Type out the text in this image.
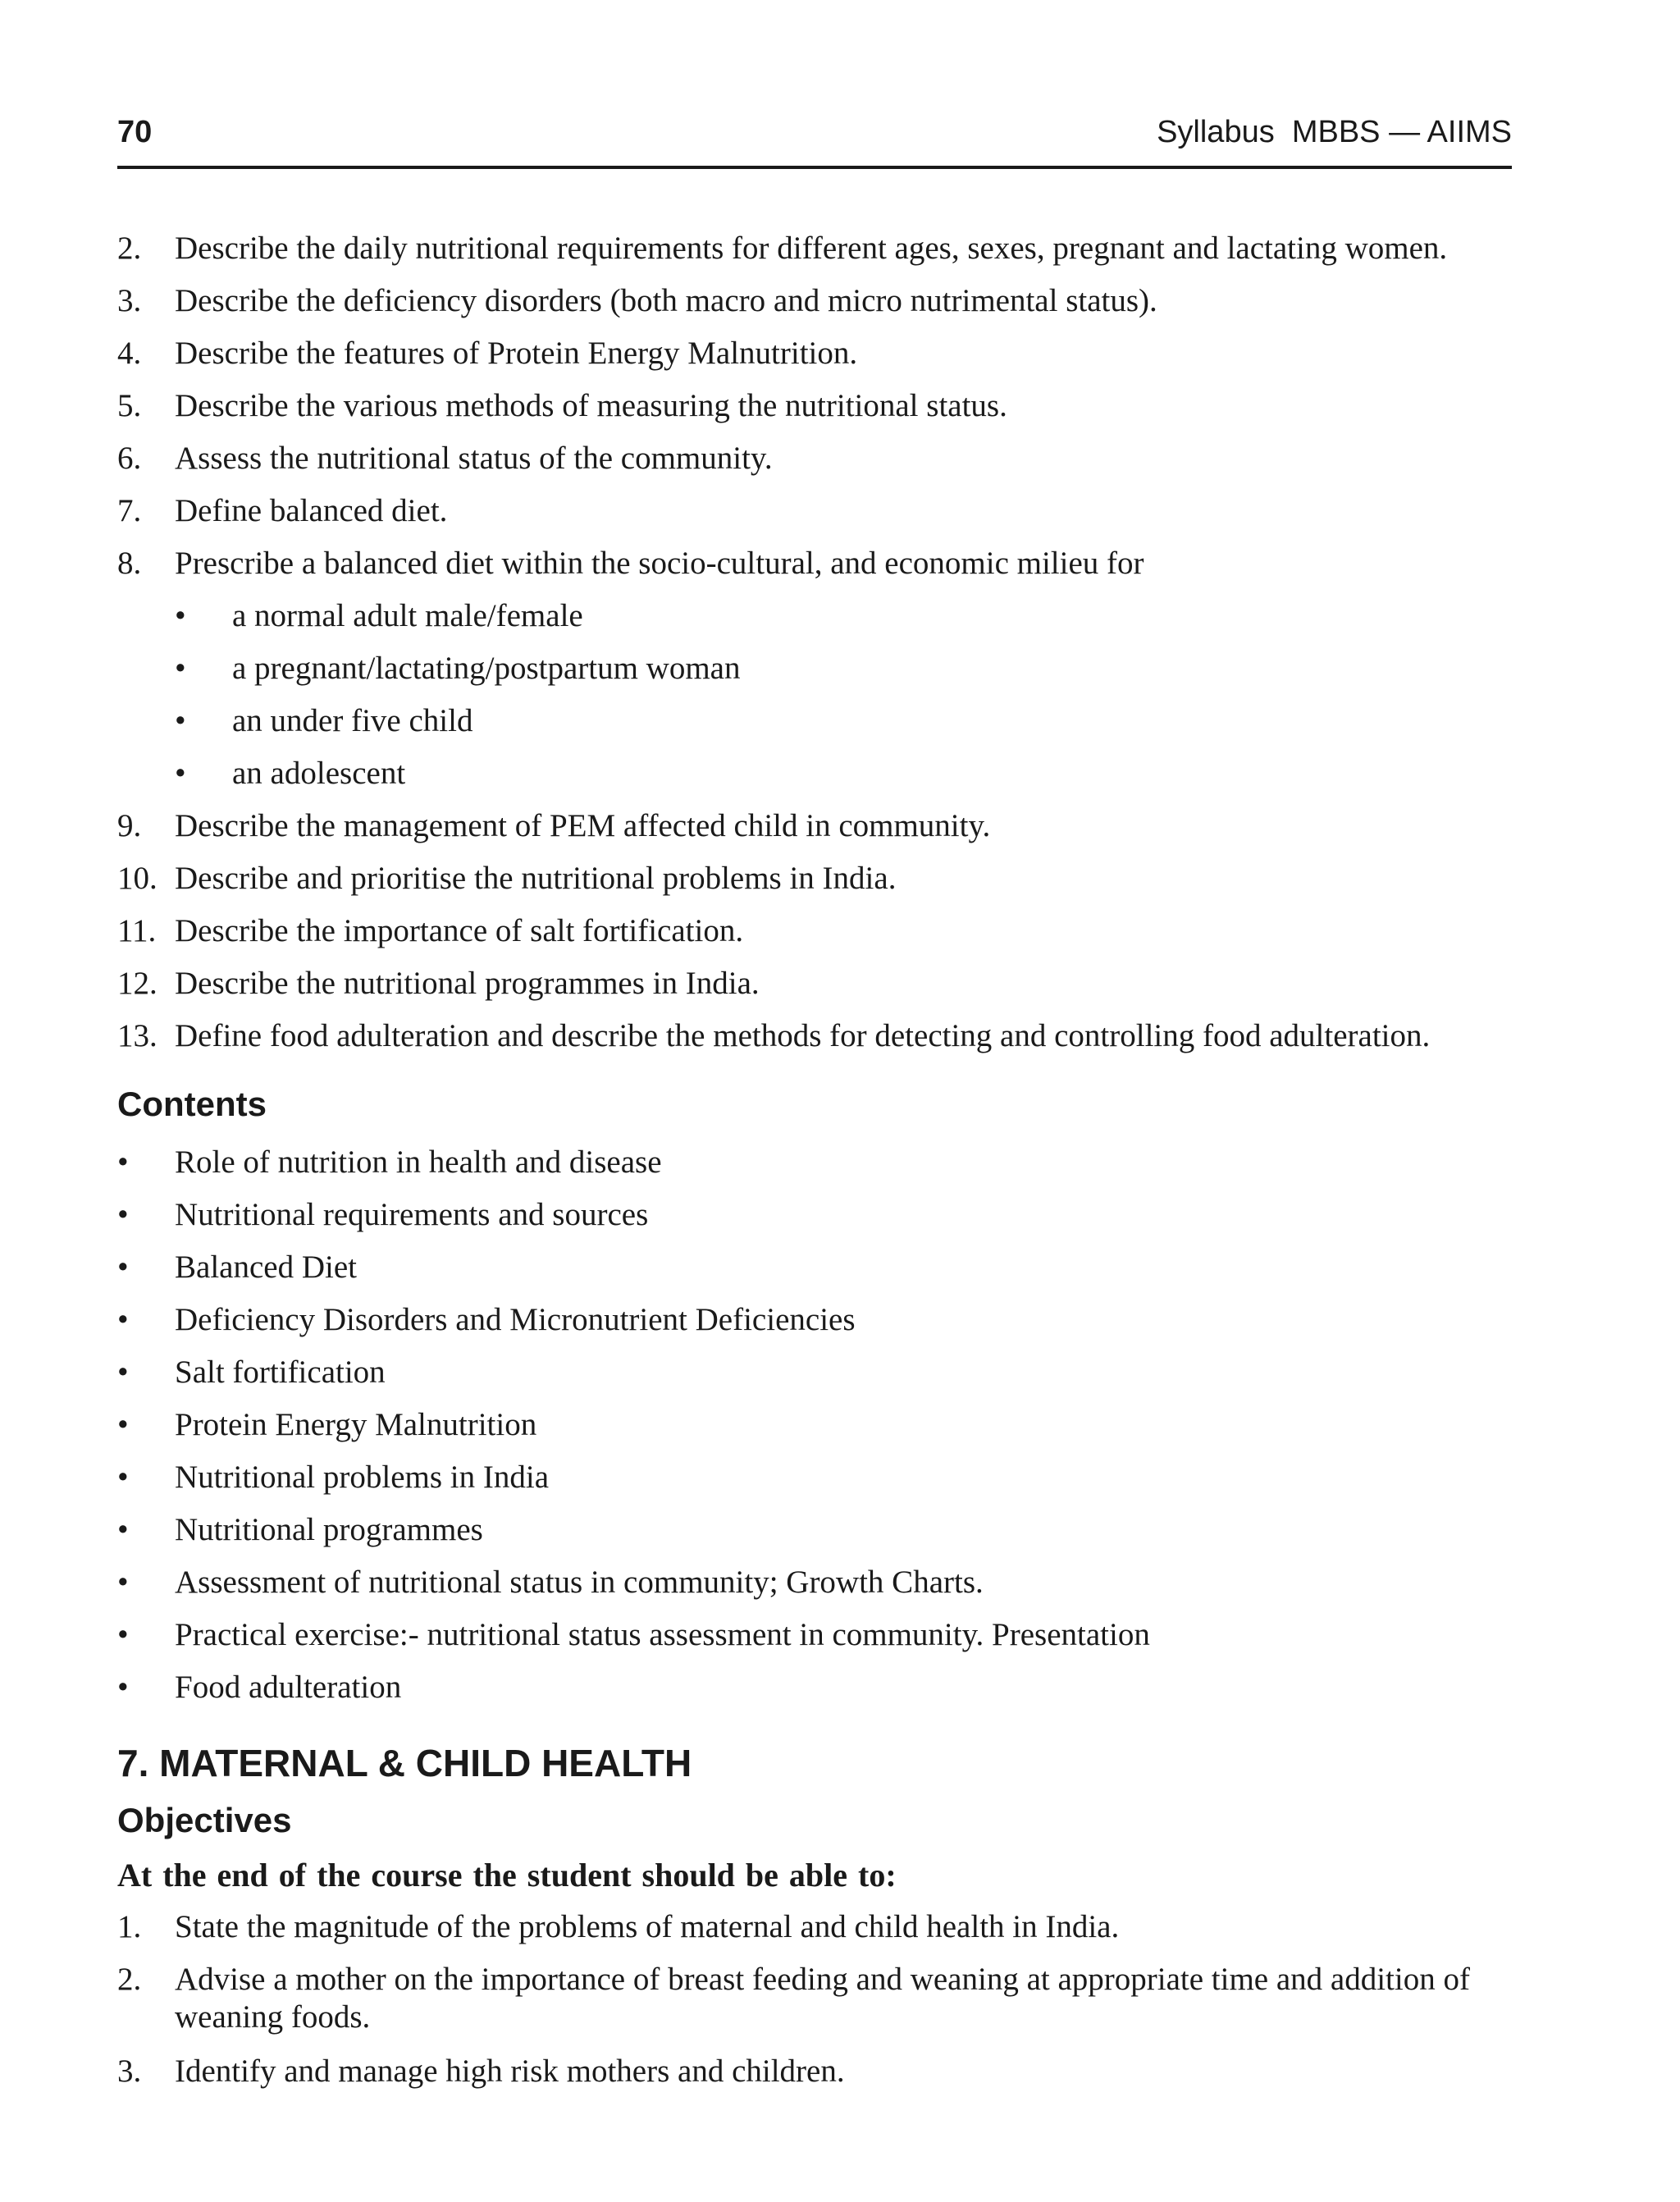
70	Syllabus  MBBS — AIIMS
2. Describe the daily nutritional requirements for different ages, sexes, pregnant and lactating women.
3. Describe the deficiency disorders (both macro and micro nutrimental status).
4. Describe the features of Protein Energy Malnutrition.
5. Describe the various methods of measuring the nutritional status.
6. Assess the nutritional status of the community.
7. Define balanced diet.
8. Prescribe a balanced diet within the socio-cultural, and economic milieu for
• a normal adult male/female
• a pregnant/lactating/postpartum woman
• an under five child
• an adolescent
9. Describe the management of PEM affected child in community.
10. Describe and prioritise the nutritional problems in India.
11. Describe the importance of salt fortification.
12. Describe the nutritional programmes in India.
13. Define food adulteration and describe the methods for detecting and controlling food adulteration.
Contents
• Role of nutrition in health and disease
• Nutritional requirements and sources
• Balanced Diet
• Deficiency Disorders and Micronutrient Deficiencies
• Salt fortification
• Protein Energy Malnutrition
• Nutritional problems in India
• Nutritional programmes
• Assessment of nutritional status in community; Growth Charts.
• Practical exercise:- nutritional status assessment in community. Presentation
• Food adulteration
7. MATERNAL & CHILD HEALTH
Objectives
At the end of the course the student should be able to:
1. State the magnitude of the problems of maternal and child health in India.
2. Advise a mother on the importance of breast feeding and weaning at appropriate time and addition of weaning foods.
3. Identify and manage high risk mothers and children.
